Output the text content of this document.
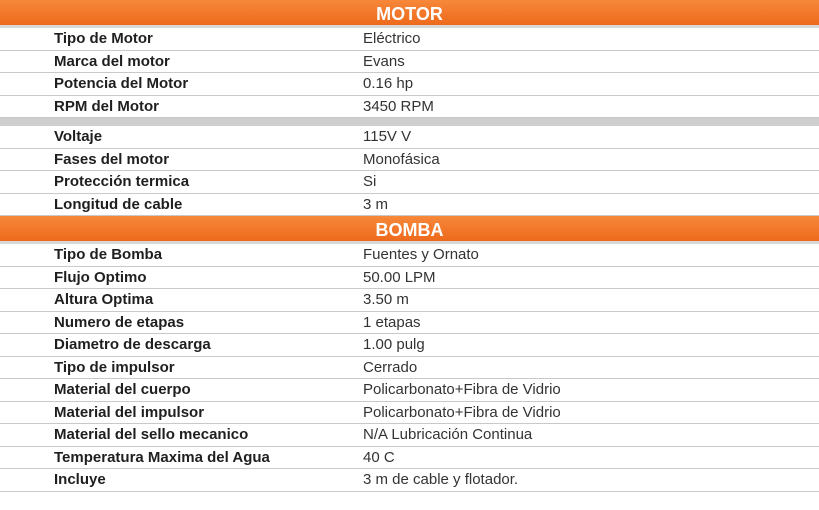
MOTOR
Tipo de Motor	Eléctrico
Marca del motor	Evans
Potencia del Motor	0.16 hp
RPM del Motor	3450 RPM
Voltaje	115V V
Fases del motor	Monofásica
Protección termica	Si
Longitud de cable	3 m
BOMBA
Tipo de Bomba	Fuentes y Ornato
Flujo Optimo	50.00 LPM
Altura Optima	3.50 m
Numero de etapas	1 etapas
Diametro de descarga	1.00 pulg
Tipo de impulsor	Cerrado
Material del cuerpo	Policarbonato+Fibra de Vidrio
Material del impulsor	Policarbonato+Fibra de Vidrio
Material del sello mecanico	N/A Lubricación Continua
Temperatura Maxima del Agua	40 C
Incluye	3 m de cable y flotador.
